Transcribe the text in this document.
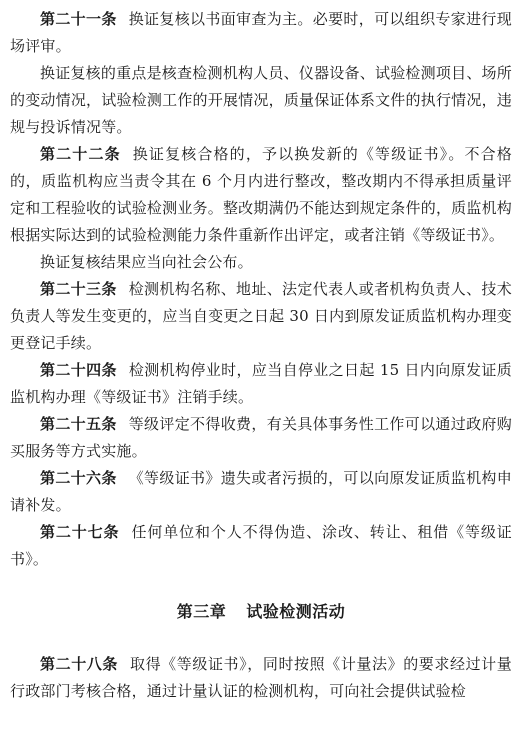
第二十一条 换证复核以书面审查为主。必要时，可以组织专家进行现场评审。

换证复核的重点是核查检测机构人员、仪器设备、试验检测项目、场所的变动情况，试验检测工作的开展情况，质量保证体系文件的执行情况，违规与投诉情况等。

第二十二条 换证复核合格的，予以换发新的《等级证书》。不合格的，质监机构应当责令其在 6 个月内进行整改，整改期内不得承担质量评定和工程验收的试验检测业务。整改期满仍不能达到规定条件的，质监机构根据实际达到的试验检测能力条件重新作出评定，或者注销《等级证书》。

换证复核结果应当向社会公布。

第二十三条 检测机构名称、地址、法定代表人或者机构负责人、技术负责人等发生变更的，应当自变更之日起 30 日内到原发证质监机构办理变更登记手续。

第二十四条 检测机构停业时，应当自停业之日起 15 日内向原发证质监机构办理《等级证书》注销手续。

第二十五条 等级评定不得收费，有关具体事务性工作可以通过政府购买服务等方式实施。

第二十六条 《等级证书》遗失或者污损的，可以向原发证质监机构申请补发。

第二十七条 任何单位和个人不得伪造、涂改、转让、租借《等级证书》。

第三章 试验检测活动

第二十八条 取得《等级证书》，同时按照《计量法》的要求经过计量行政部门考核合格，通过计量认证的检测机构，可向社会提供试验检
